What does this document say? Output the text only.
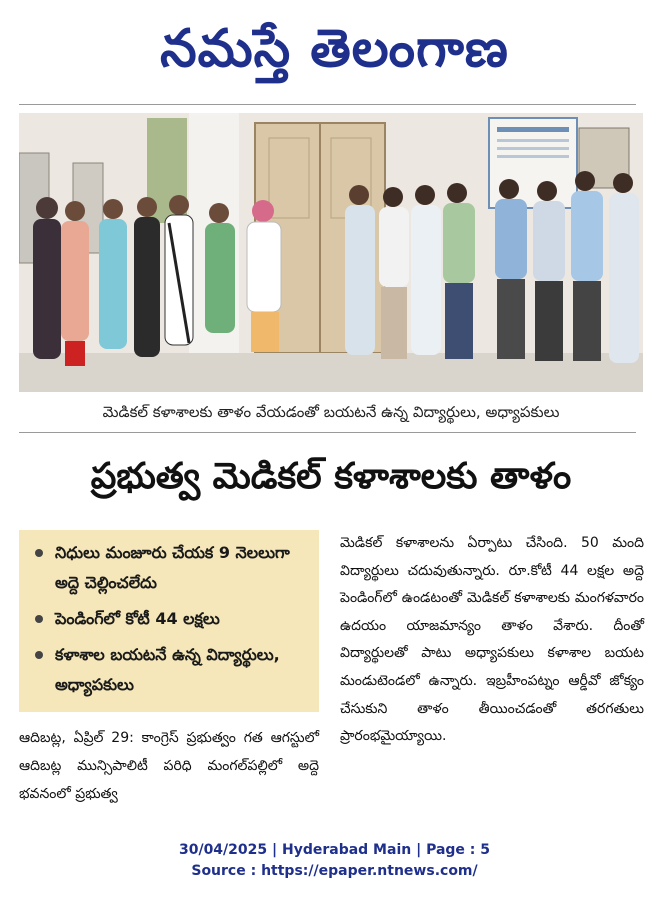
నమస్తే తెలంగాణ
మెడికల్ కళాశాలకు తాళం వేయడంతో బయటనే ఉన్న విద్యార్థులు, అధ్యాపకులు
ప్రభుత్వ మెడికల్ కళాశాలకు తాళం
నిధులు మంజూరు చేయక 9 నెలలుగా అద్దె చెల్లించలేదు
పెండింగ్‌లో కోటీ 44 లక్షలు
కళాశాల బయటనే ఉన్న విద్యార్థులు, అధ్యాపకులు
ఆదిబట్ల, ఏప్రిల్ 29: కాంగ్రెస్ ప్రభుత్వం గత ఆగస్టులో ఆదిబట్ల మున్సిపాలిటీ పరిధి మంగల్‌పల్లిలో అద్దె భవనంలో ప్రభుత్వ
మెడికల్ కళాశాలను ఏర్పాటు చేసింది. 50 మంది విద్యార్థులు చదువుతున్నారు. రూ.కోటీ 44 లక్షల అద్దె పెండింగ్‌లో ఉండటంతో మెడికల్ కళాశాలకు మంగళవారం ఉదయం యాజమాన్యం తాళం వేశారు. దీంతో విద్యార్థులతో పాటు అధ్యాపకులు కళాశాల బయట మండుటెండలో ఉన్నారు. ఇబ్రహీంపట్నం ఆర్డీవో జోక్యం చేసుకుని తాళం తీయించడంతో తరగతులు ప్రారంభమైయ్యాయి.
30/04/2025 | Hyderabad Main | Page : 5
Source : https://epaper.ntnews.com/
